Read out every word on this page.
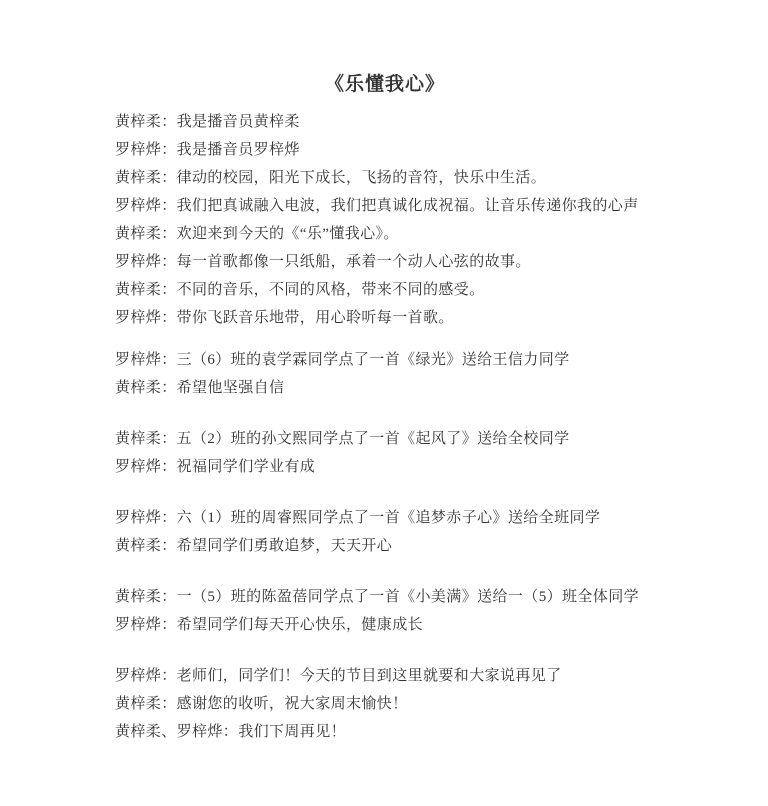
《乐懂我心》

黄梓柔：我是播音员黄梓柔

罗梓烨：我是播音员罗梓烨

黄梓柔：律动的校园，阳光下成长，飞扬的音符，快乐中生活。

罗梓烨：我们把真诚融入电波，我们把真诚化成祝福。让音乐传递你我的心声

黄梓柔：欢迎来到今天的《“乐”懂我心》。

罗梓烨：每一首歌都像一只纸船，承着一个动人心弦的故事。

黄梓柔：不同的音乐，不同的风格，带来不同的感受。

罗梓烨：带你飞跃音乐地带，用心聆听每一首歌。

罗梓烨：三（6）班的袁学霖同学点了一首《绿光》送给王信力同学

黄梓柔：希望他坚强自信

黄梓柔：五（2）班的孙文熙同学点了一首《起风了》送给全校同学

罗梓烨：祝福同学们学业有成

罗梓烨：六（1）班的周睿熙同学点了一首《追梦赤子心》送给全班同学

黄梓柔：希望同学们勇敢追梦，天天开心

黄梓柔：一（5）班的陈盈蓓同学点了一首《小美满》送给一（5）班全体同学

罗梓烨：希望同学们每天开心快乐，健康成长

罗梓烨：老师们，同学们！今天的节目到这里就要和大家说再见了

黄梓柔：感谢您的收听，祝大家周末愉快！

黄梓柔、罗梓烨：我们下周再见！
